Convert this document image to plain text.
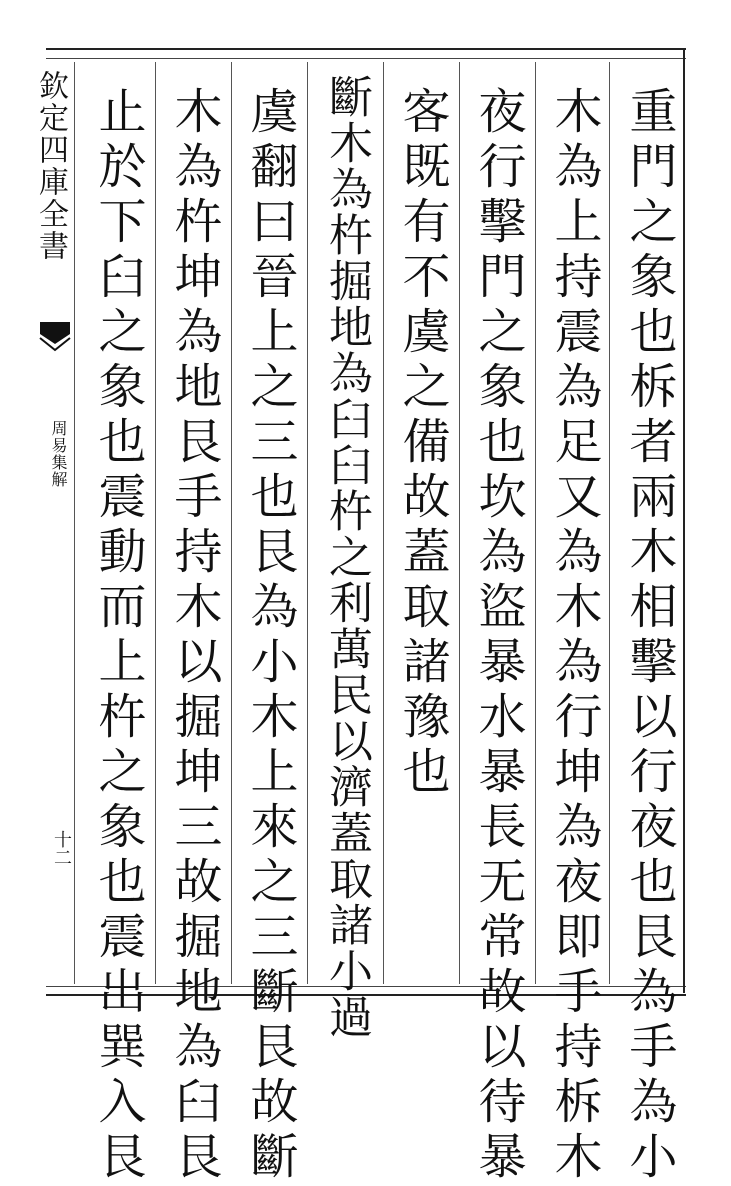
欽定四庫全書
周易集解
十二	重門之象也柝者兩木相擊以行夜也艮為手為小
木為上持震為足又為木為行坤為夜即手持柝木
夜行擊門之象也坎為盜暴水暴長无常故以待暴
客既有不虞之備故蓋取諸豫也
斷木為杵掘地為臼臼杵之利萬民以濟蓋取諸小過
虞翻曰晉上之三也艮為小木上來之三斷艮故斷
木為杵坤為地艮手持木以掘坤三故掘地為臼艮
止於下臼之象也震動而上杵之象也震出巽入艮
